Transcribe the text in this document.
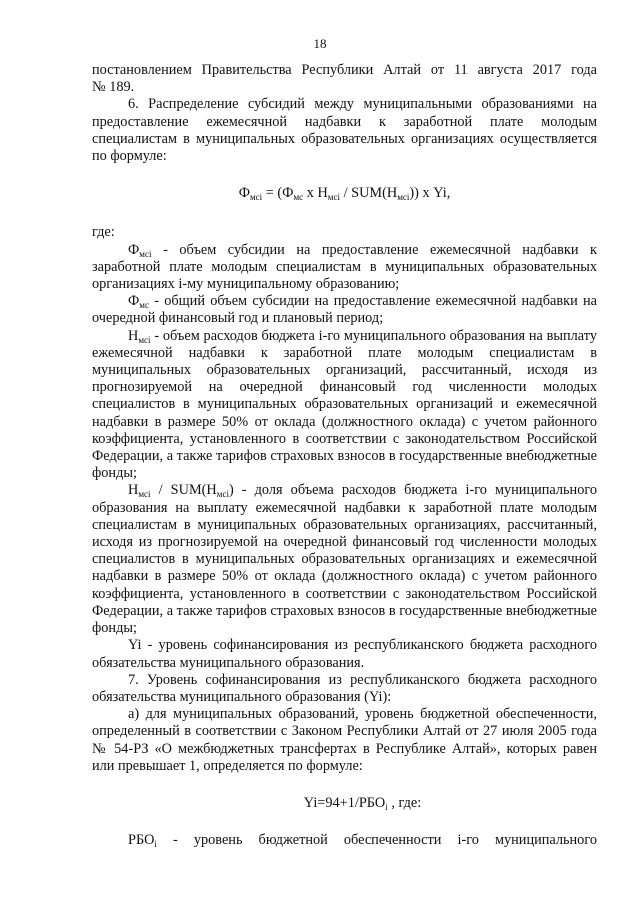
18

постановлением Правительства Республики Алтай от 11 августа 2017 года

№ 189.

6. Распределение субсидий между муниципальными образованиями на предоставление ежемесячной надбавки к заработной плате молодым специалистам в муниципальных образовательных организациях осуществляется по формуле:

$Ф_{мсі} = (Ф_{мс}$ х $Н_{мсі} / SUM(Н_{мсі})$) х Yi,

где:

$Ф_{мсі}$ - объем субсидии на предоставление ежемесячной надбавки к заработной плате молодым специалистам в муниципальных образовательных организациях i-му муниципальному образованию;

$Ф_{мс}$ - общий объем субсидии на предоставление ежемесячной надбавки на очередной финансовый год и плановый период;

$Н_{мсі}$ - объем расходов бюджета i-го муниципального образования на выплату ежемесячной надбавки к заработной плате молодым специалистам в муниципальных образовательных организаций, рассчитанный, исходя из прогнозируемой на очередной финансовый год численности молодых специалистов в муниципальных образовательных организаций и ежемесячной надбавки в размере 50% от оклада (должностного оклада) с учетом районного коэффициента, установленного в соответствии с законодательством Российской Федерации, а также тарифов страховых взносов в государственные внебюджетные фонды;

$Н_{мсі} / SUM(Н_{мсі})$ - доля объема расходов бюджета i-го муниципального образования на выплату ежемесячной надбавки к заработной плате молодым специалистам в муниципальных образовательных организациях, рассчитанный, исходя из прогнозируемой на очередной финансовый год численности молодых специалистов в муниципальных образовательных организациях и ежемесячной надбавки в размере 50% от оклада (должностного оклада) с учетом районного коэффициента, установленного в соответствии с законодательством Российской Федерации, а также тарифов страховых взносов в государственные внебюджетные фонды;

Yi - уровень софинансирования из республиканского бюджета расходного обязательства муниципального образования.

7. Уровень софинансирования из республиканского бюджета расходного обязательства муниципального образования (Yi):

а) для муниципальных образований, уровень бюджетной обеспеченности, определенный в соответствии с Законом Республики Алтай от 27 июля 2005 года № 54-РЗ «О межбюджетных трансфертах в Республике Алтай», которых равен или превышает 1, определяется по формуле:

$Yi=94+1/РБО_i$ , где:

$РБО_i$ - уровень бюджетной обеспеченности i-го муниципального
